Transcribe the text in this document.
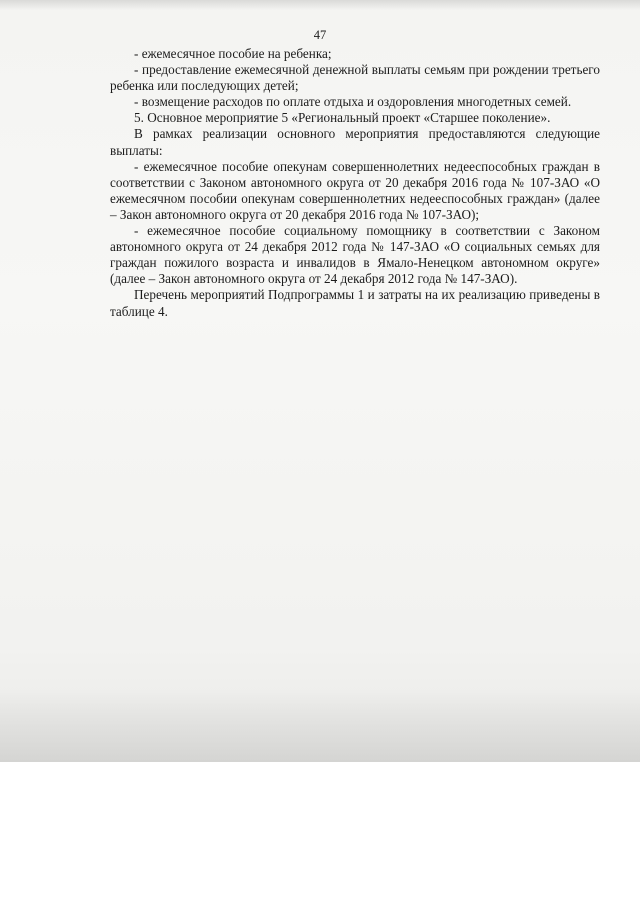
47

- ежемесячное пособие на ребенка;

- предоставление ежемесячной денежной выплаты семьям при рождении третьего ребенка или последующих детей;

- возмещение расходов по оплате отдыха и оздоровления многодетных семей.

5. Основное мероприятие 5 «Региональный проект «Старшее поколение».

В рамках реализации основного мероприятия предоставляются следующие выплаты:

- ежемесячное пособие опекунам совершеннолетних недееспособных граждан в соответствии с Законом автономного округа от 20 декабря 2016 года № 107-ЗАО «О ежемесячном пособии опекунам совершеннолетних недееспособных граждан» (далее – Закон автономного округа от 20 декабря 2016 года № 107-ЗАО);

- ежемесячное пособие социальному помощнику в соответствии с Законом автономного округа от 24 декабря 2012 года № 147-ЗАО «О социальных семьях для граждан пожилого возраста и инвалидов в Ямало-Ненецком автономном округе» (далее – Закон автономного округа от 24 декабря 2012 года № 147-ЗАО).

Перечень мероприятий Подпрограммы 1 и затраты на их реализацию приведены в таблице 4.
